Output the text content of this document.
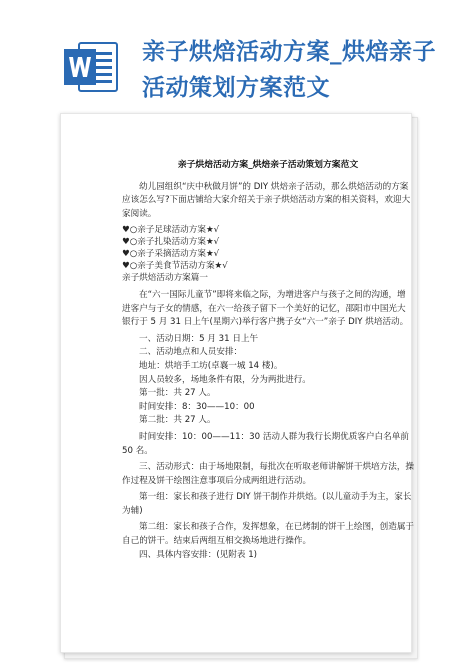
亲子烘焙活动方案_烘焙亲子
活动策划方案范文
亲子烘焙活动方案_烘焙亲子活动策划方案范文

幼儿园组织“庆中秋做月饼”的 DIY 烘焙亲子活动，那么烘焙活动的方案应该怎么写?下面店铺给大家介绍关于亲子烘焙活动方案的相关资料，欢迎大家阅读。

♥○亲子足球活动方案★√

♥○亲子扎染活动方案★√

♥○亲子采摘活动方案★√

♥○亲子美食节活动方案★√

亲子烘焙活动方案篇一

在“六一国际儿童节”即将来临之际，为增进客户与孩子之间的沟通，增进客户与子女的情感，在六一给孩子留下一个美好的记忆，邵阳市中国光大银行于 5 月 31 日上午(星期六)举行客户携子女“六一”亲子 DIY 烘培活动。

一、活动日期：5 月 31 日上午

二、活动地点和人员安排：

地址：烘培手工坊(卓襄一城 14 楼)。

因人员较多，场地条件有限，分为两批进行。

第一批：共 27 人。

时间安排：8：30——10：00

第二批：共 27 人。

时间安排：10：00——11：30 活动人群为我行长期优质客户白名单前 50 名。

三、活动形式：由于场地限制，每批次在听取老师讲解饼干烘培方法，操作过程及饼干绘图注意事项后分成两组进行活动。

第一组：家长和孩子进行 DIY 饼干制作并烘焙。(以儿童动手为主，家长为辅)

第二组：家长和孩子合作，发挥想象，在已烤制的饼干上绘图，创造属于自己的饼干。结束后两组互相交换场地进行操作。

四、具体内容安排：(见附表 1)
